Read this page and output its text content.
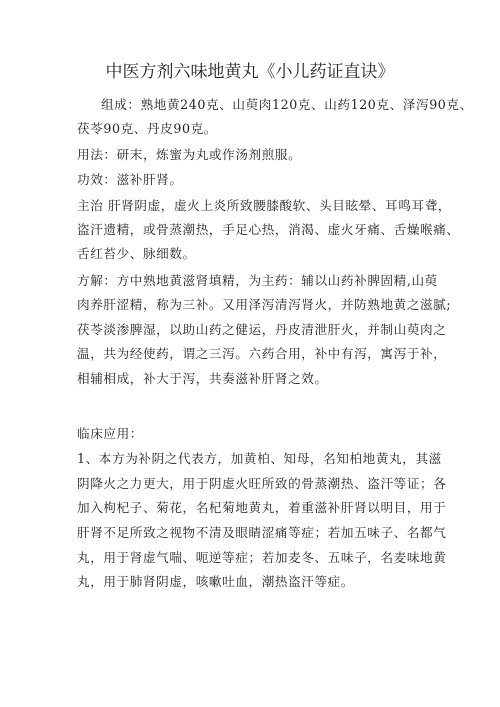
中医方剂六味地黄丸《小儿药证直诀》
组成：熟地黄240克、山萸肉120克、山药120克、泽泻90克、
茯苓90克、丹皮90克。
用法：研末，炼蜜为丸或作汤剂煎服。
功效：滋补肝肾。
主治 肝肾阴虚，虚火上炎所致腰膝酸软、头目眩晕、耳鸣耳聋，
盗汗遗精，或骨蒸潮热，手足心热，消渴、虚火牙痛、舌燥喉痛、
舌红苔少、脉细数。
方解：方中熟地黄滋肾填精，为主药：辅以山药补脾固精,山萸
肉养肝涩精，称为三补。又用泽泻清泻肾火，并防熟地黄之滋腻;
茯苓淡渗脾湿，以助山药之健运，丹皮清泄肝火，并制山萸肉之
温，共为经使药，谓之三泻。六药合用，补中有泻，寓泻于补，
相辅相成，补大于泻，共奏滋补肝肾之效。
临床应用：
1、本方为补阴之代表方，加黄柏、知母，名知柏地黄丸，其滋
阴降火之力更大，用于阴虚火旺所致的骨蒸潮热、盗汗等证；各
加入枸杞子、菊花，名杞菊地黄丸，着重滋补肝肾以明目，用于
肝肾不足所致之视物不清及眼睛涩痛等症；若加五味子、名都气
丸，用于肾虚气喘、呃逆等症；若加麦冬、五味子，名麦味地黄
丸，用于肺肾阴虚，咳嗽吐血，潮热盗汗等症。
